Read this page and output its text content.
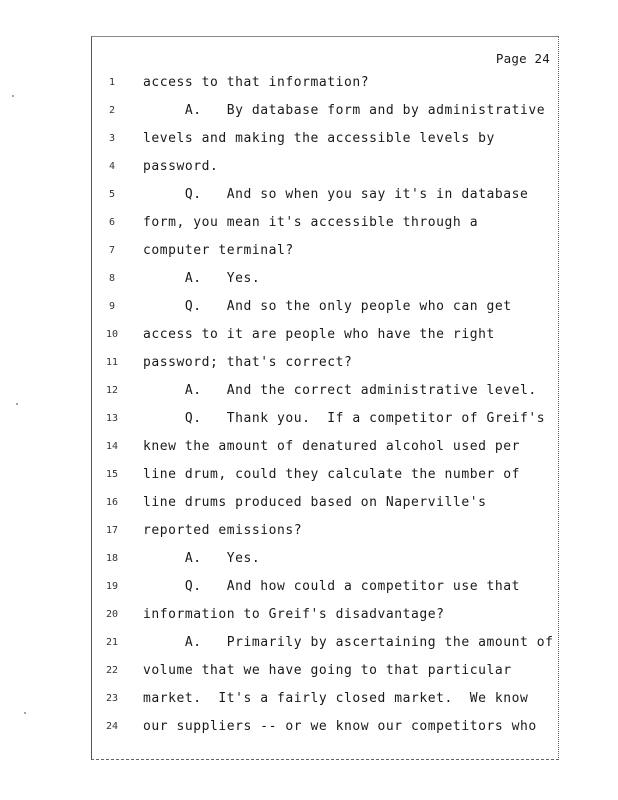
Page 24
1	access to that information?
2	A.   By database form and by administrative
3	levels and making the accessible levels by
4	password.
5	Q.   And so when you say it's in database
6	form, you mean it's accessible through a
7	computer terminal?
8	A.   Yes.
9	Q.   And so the only people who can get
10	access to it are people who have the right
11	password; that's correct?
12	A.   And the correct administrative level.
13	Q.   Thank you.  If a competitor of Greif's
14	knew the amount of denatured alcohol used per
15	line drum, could they calculate the number of
16	line drums produced based on Naperville's
17	reported emissions?
18	A.   Yes.
19	Q.   And how could a competitor use that
20	information to Greif's disadvantage?
21	A.   Primarily by ascertaining the amount of
22	volume that we have going to that particular
23	market.  It's a fairly closed market.  We know
24	our suppliers -- or we know our competitors who
